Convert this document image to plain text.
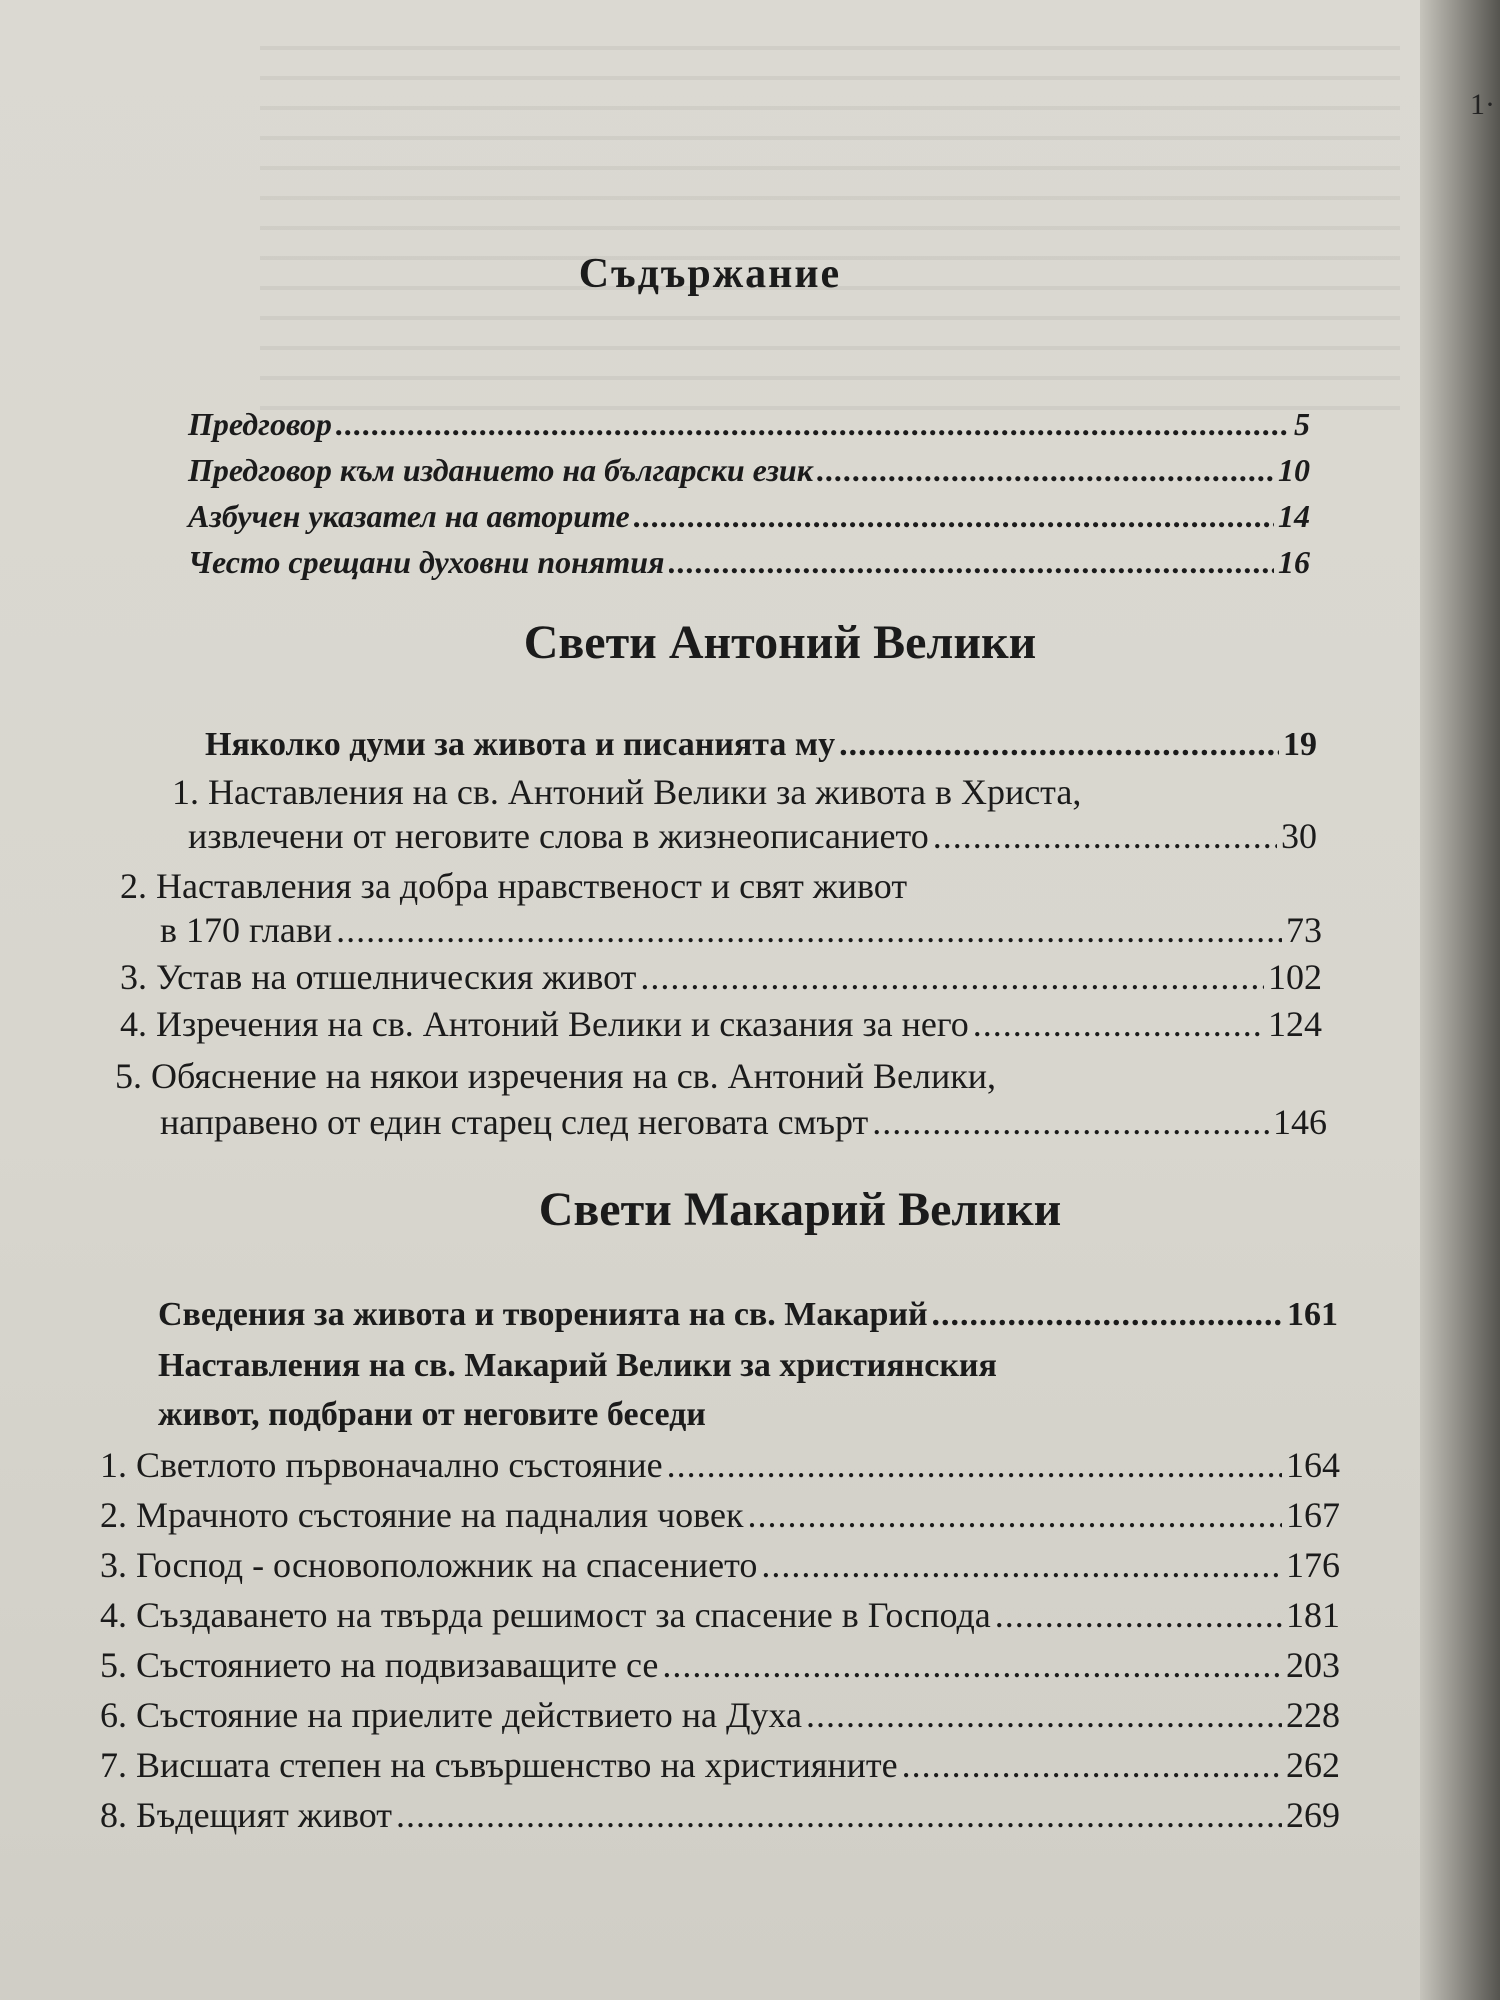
Съдържание
Предговор .....	5
Предговор към изданието на български език .....	10
Азбучен указател на авторите .....	14
Често срещани духовни понятия .....	16
Свети Антоний Велики
Няколко думи за живота и писанията му .....	19
1. Наставления на св. Антоний Велики за живота в Христа,
извлечени от неговите слова в жизнеописанието .....	30
2. Наставления за добра нравственост и свят живот
в 170 глави .....	73
3. Устав на отшелническия живот .....	102
4. Изречения на св. Антоний Велики и сказания за него .....	124
5. Обяснение на някои изречения на св. Антоний Велики,
направено от един старец след неговата смърт .....	146
Свети Макарий Велики
Сведения за живота и творенията на св. Макарий .....	161
Наставления на св. Макарий Велики за християнския
живот, подбрани от неговите беседи
1. Светлото първоначално състояние .....	164
2. Мрачното състояние на падналия човек .....	167
3. Господ - основоположник на спасението .....	176
4. Създаването на твърда решимост за спасение в Господа .....	181
5. Състоянието на подвизаващите се .....	203
6. Състояние на приелите действието на Духа .....	228
7. Висшата степен на съвършенство на християните .....	262
8. Бъдещият живот .....	269
1·
